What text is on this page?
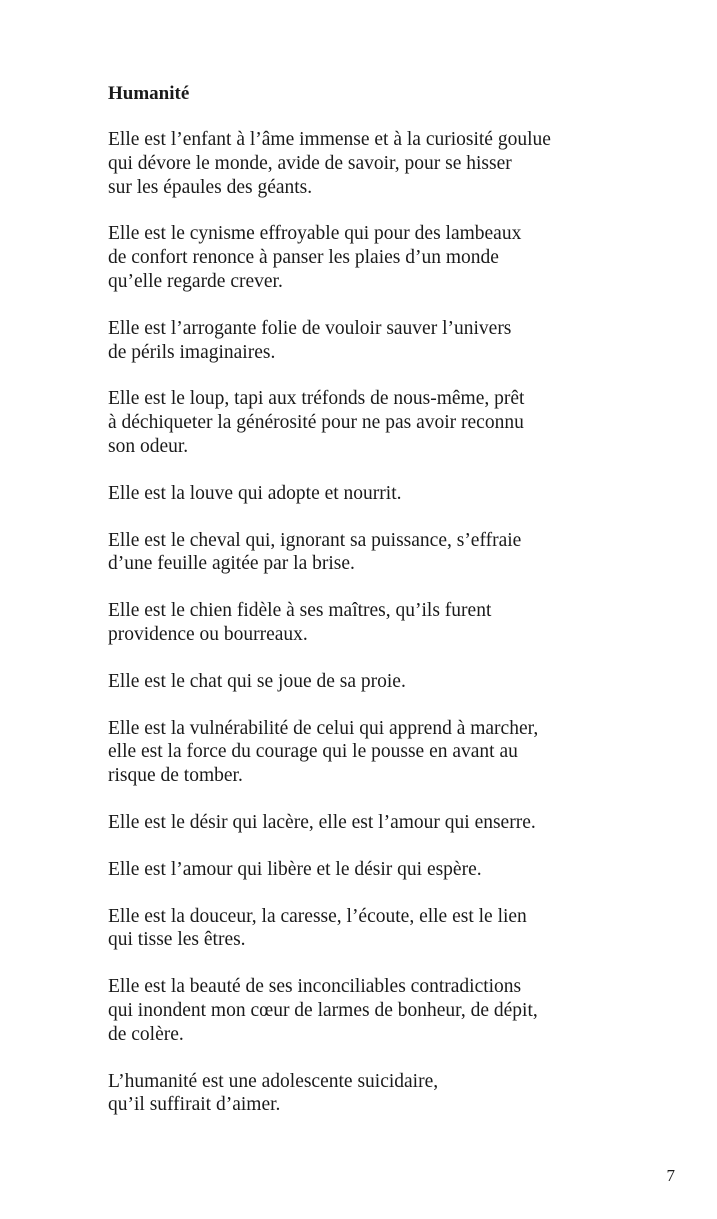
Humanité
Elle est l’enfant à l’âme immense et à la curiosité goulue
qui dévore le monde, avide de savoir, pour se hisser
sur les épaules des géants.
Elle est le cynisme effroyable qui pour des lambeaux
de confort renonce à panser les plaies d’un monde
qu’elle regarde crever.
Elle est l’arrogante folie de vouloir sauver l’univers
de périls imaginaires.
Elle est le loup, tapi aux tréfonds de nous-même, prêt
à déchiqueter la générosité pour ne pas avoir reconnu
son odeur.
Elle est la louve qui adopte et nourrit.
Elle est le cheval qui, ignorant sa puissance, s’effraie
d’une feuille agitée par la brise.
Elle est le chien fidèle à ses maîtres, qu’ils furent
providence ou bourreaux.
Elle est le chat qui se joue de sa proie.
Elle est la vulnérabilité de celui qui apprend à marcher,
elle est la force du courage qui le pousse en avant au
risque de tomber.
Elle est le désir qui lacère, elle est l’amour qui enserre.
Elle est l’amour qui libère et le désir qui espère.
Elle est la douceur, la caresse, l’écoute, elle est le lien
qui tisse les êtres.
Elle est la beauté de ses inconciliables contradictions
qui inondent mon cœur de larmes de bonheur, de dépit,
de colère.
L’humanité est une adolescente suicidaire,
qu’il suffirait d’aimer.
7
